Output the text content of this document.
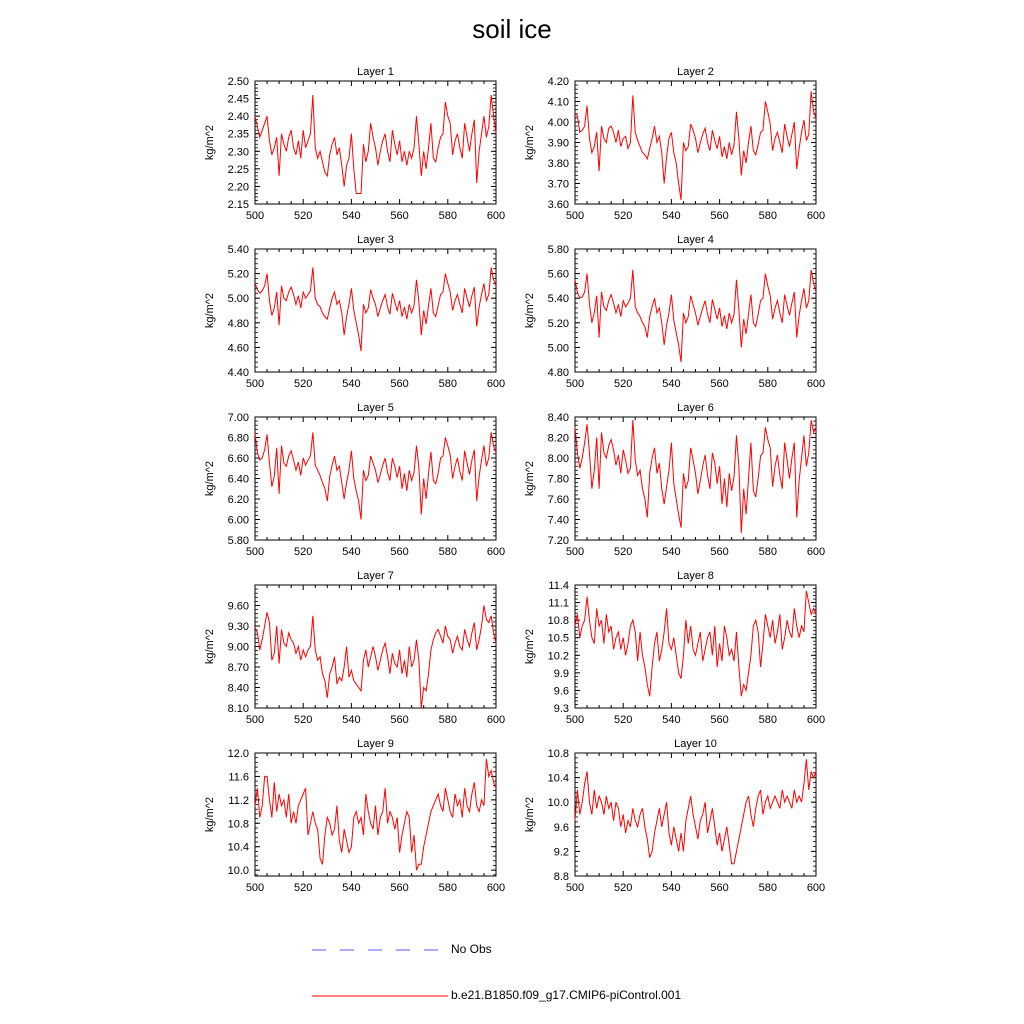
soil ice
Layer 1
500	520	540	560	580	600
2.15
2.20
2.25
2.30
2.35
2.40
2.45
2.50
kg/m^2
Layer 2
500	520	540	560	580	600
3.60
3.70
3.80
3.90
4.00
4.10
4.20
kg/m^2
Layer 3
500	520	540	560	580	600
4.40
4.60
4.80
5.00
5.20
5.40
kg/m^2
Layer 4
500	520	540	560	580	600
4.80
5.00
5.20
5.40
5.60
5.80
kg/m^2
Layer 5
500	520	540	560	580	600
5.80
6.00
6.20
6.40
6.60
6.80
7.00
kg/m^2
Layer 6
500	520	540	560	580	600
7.20
7.40
7.60
7.80
8.00
8.20
8.40
kg/m^2
Layer 7
500	520	540	560	580	600
8.10
8.40
8.70
9.00
9.30
9.60
kg/m^2
Layer 8
500	520	540	560	580	600
9.3
9.6
9.9
10.2
10.5
10.8
11.1
11.4
kg/m^2
Layer 9
500	520	540	560	580	600
10.0
10.4
10.8
11.2
11.6
12.0
kg/m^2
Layer 10
500	520	540	560	580	600
8.8
9.2
9.6
10.0
10.4
10.8
kg/m^2
No Obs
b.e21.B1850.f09_g17.CMIP6-piControl.001
